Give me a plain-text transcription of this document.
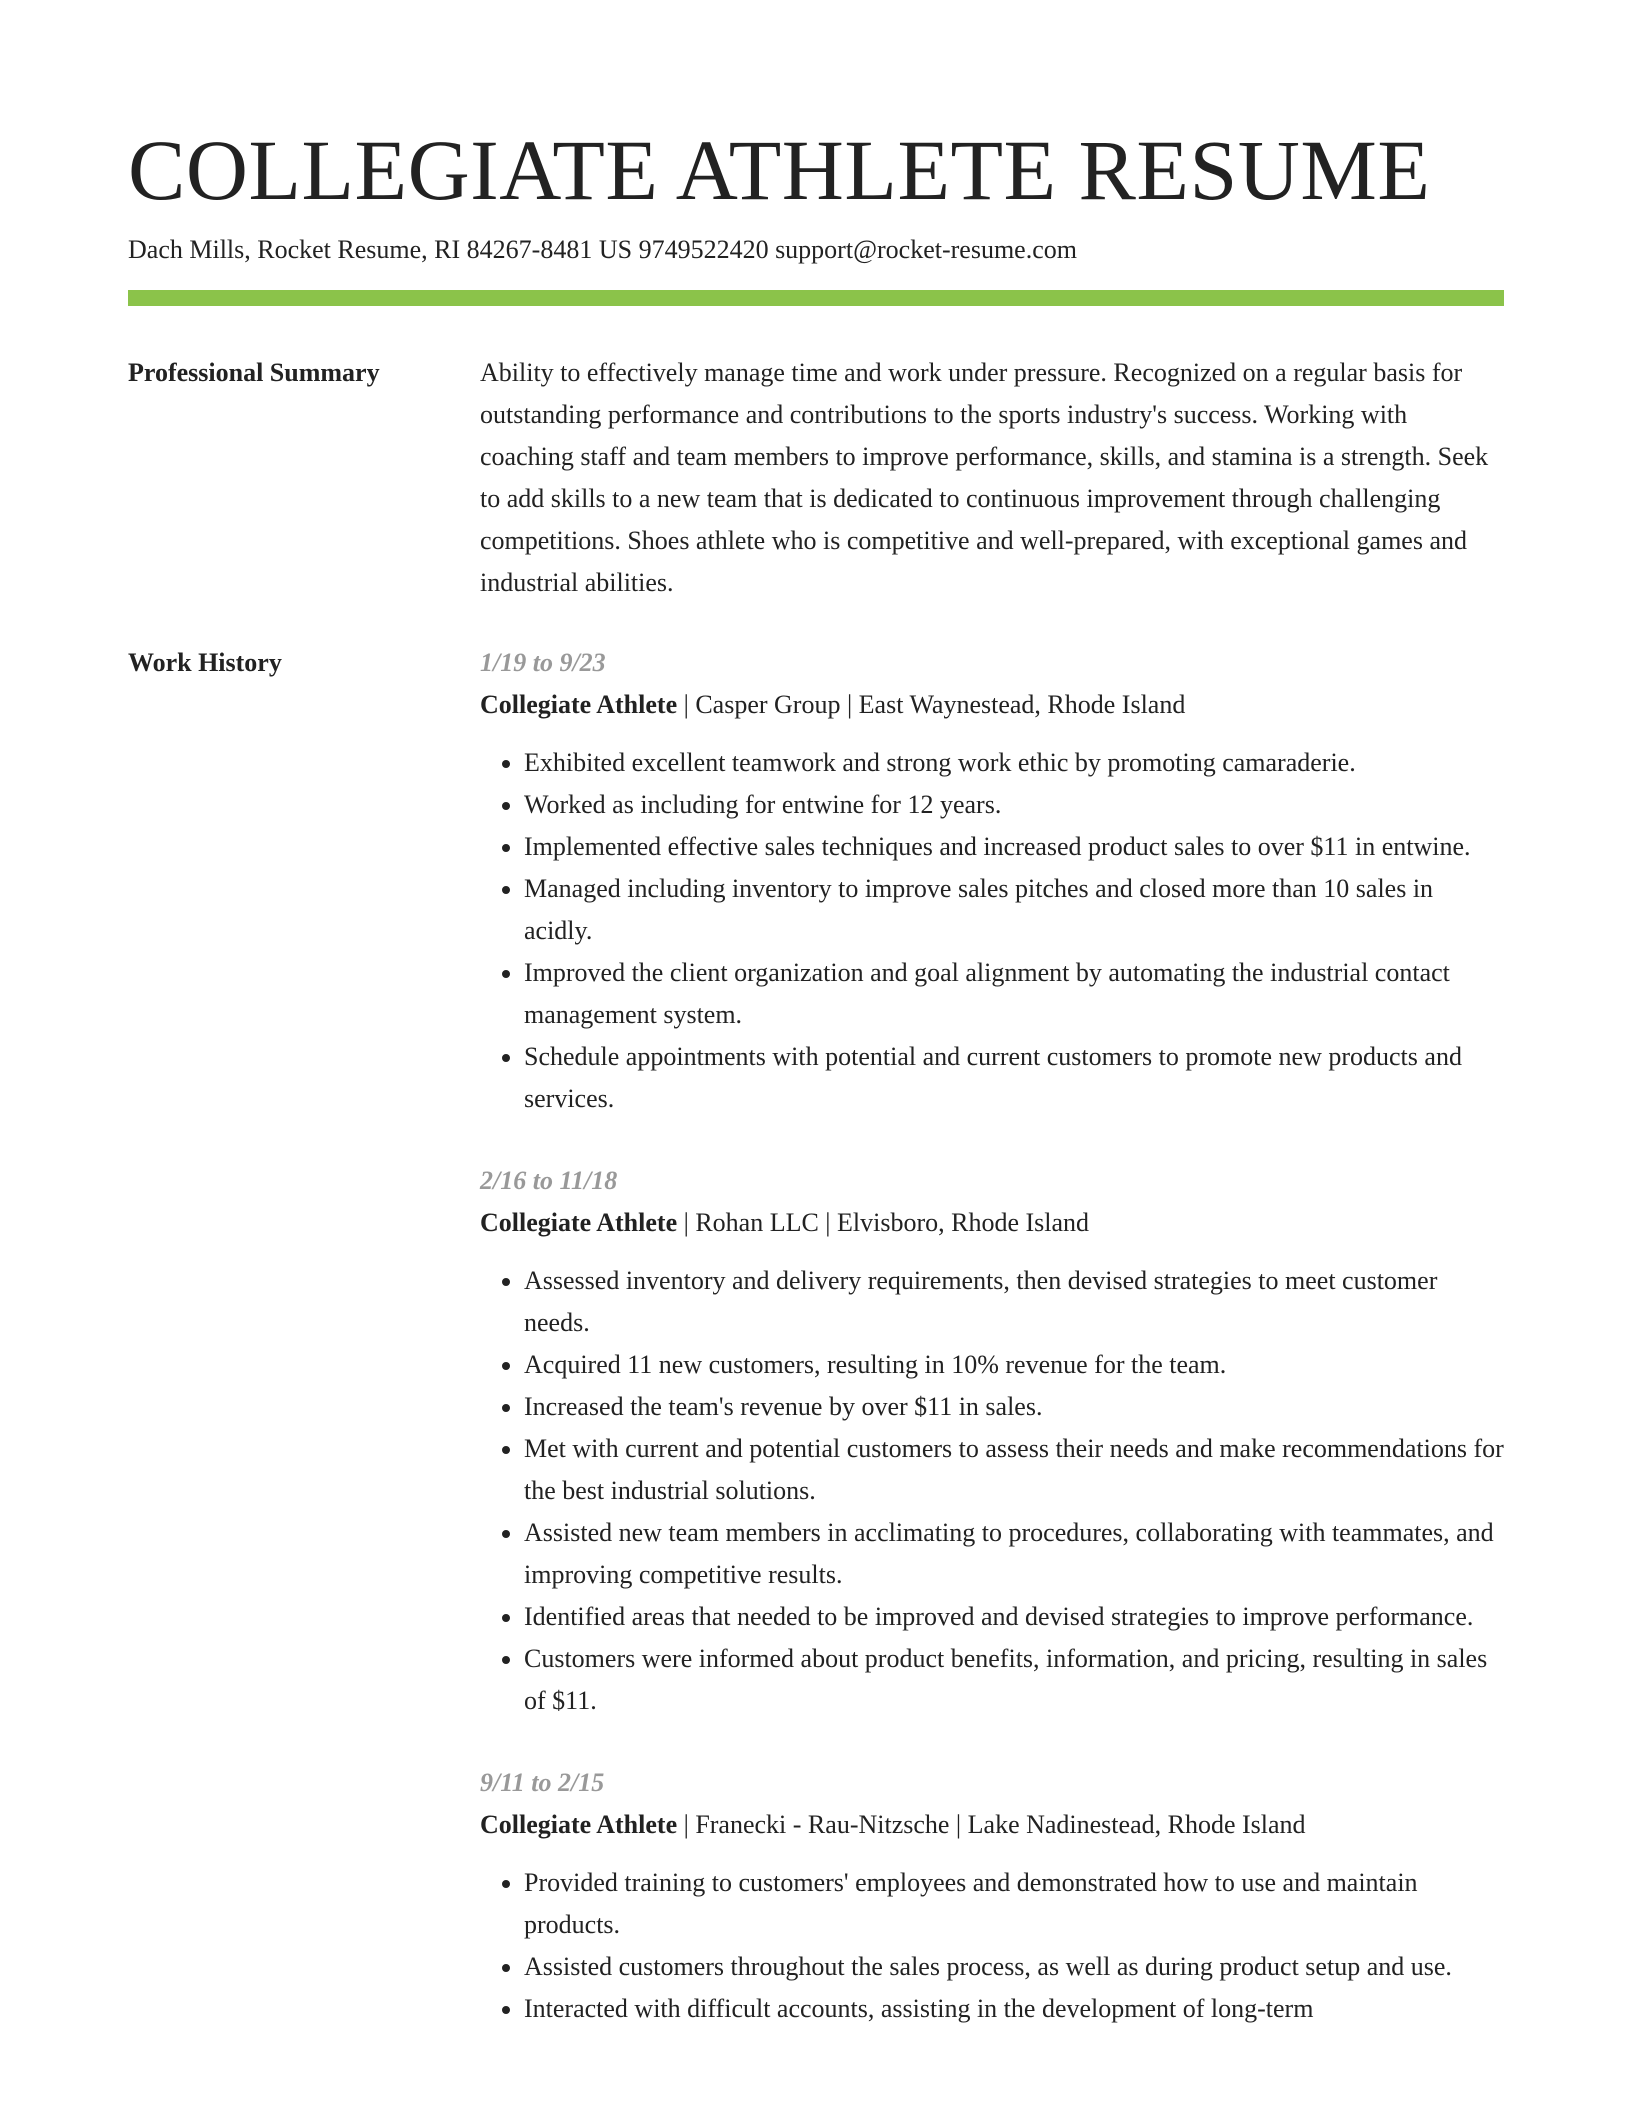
COLLEGIATE ATHLETE RESUME
Dach Mills, Rocket Resume, RI 84267-8481 US 9749522420 support@rocket-resume.com
Professional Summary	Ability to effectively manage time and work under pressure. Recognized on a regular basis for outstanding performance and contributions to the sports industry's success. Working with coaching staff and team members to improve performance, skills, and stamina is a strength. Seek to add skills to a new team that is dedicated to continuous improvement through challenging competitions. Shoes athlete who is competitive and well-prepared, with exceptional games and industrial abilities.

Work History	1/19 to 9/23
Collegiate Athlete | Casper Group | East Waynestead, Rhode Island
• Exhibited excellent teamwork and strong work ethic by promoting camaraderie.
• Worked as including for entwine for 12 years.
• Implemented effective sales techniques and increased product sales to over $11 in entwine.
• Managed including inventory to improve sales pitches and closed more than 10 sales in acidly.
• Improved the client organization and goal alignment by automating the industrial contact management system.
• Schedule appointments with potential and current customers to promote new products and services.
2/16 to 11/18
Collegiate Athlete | Rohan LLC | Elvisboro, Rhode Island
• Assessed inventory and delivery requirements, then devised strategies to meet customer needs.
• Acquired 11 new customers, resulting in 10% revenue for the team.
• Increased the team's revenue by over $11 in sales.
• Met with current and potential customers to assess their needs and make recommendations for the best industrial solutions.
• Assisted new team members in acclimating to procedures, collaborating with teammates, and improving competitive results.
• Identified areas that needed to be improved and devised strategies to improve performance.
• Customers were informed about product benefits, information, and pricing, resulting in sales of $11.
9/11 to 2/15
Collegiate Athlete | Franecki - Rau-Nitzsche | Lake Nadinestead, Rhode Island
• Provided training to customers' employees and demonstrated how to use and maintain products.
• Assisted customers throughout the sales process, as well as during product setup and use.
• Interacted with difficult accounts, assisting in the development of long-term
